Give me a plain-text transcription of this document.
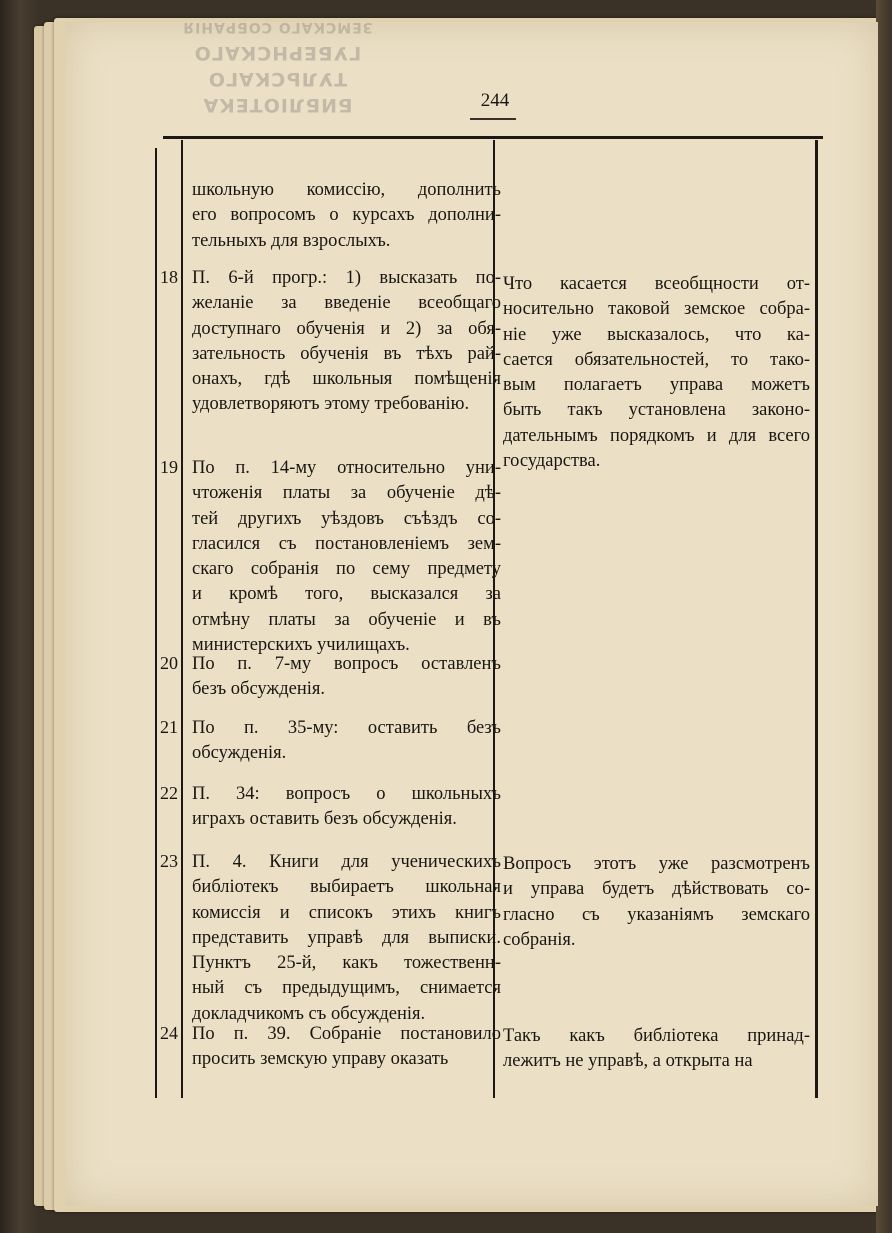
БИБЛІОТЕКА
ТУЛЬСКАГО ГУБЕРНСКАГО
ЗЕМСКАГО СОБРАНІЯ
244
школьную комиссію, дополнить
его вопросомъ о курсахъ дополни-
тельныхъ для взрослыхъ.
18 П. 6-й прогр.: 1) высказать по-
желаніе за введеніе всеобщаго
доступнаго обученія и 2) за обя-
зательность обученія въ тѣхъ рай-
онахъ, гдѣ школьныя помѣщенія
удовлетворяютъ этому требованію.
Что касается всеобщности от-
носительно таковой земское собра-
ніе уже высказалось, что ка-
сается обязательностей, то тако-
вым полагаетъ управа можетъ
быть такъ установлена законо-
дательнымъ порядкомъ и для всего
государства.
19 По п. 14-му относительно уни-
чтоженія платы за обученіе дѣ-
тей другихъ уѣздовъ съѣздъ со-
гласился съ постановленіемъ зем-
скаго собранія по сему предмету
и кромѣ того, высказался за
отмѣну платы за обученіе и въ
министерскихъ училищахъ.
20 По п. 7-му вопросъ оставленъ
безъ обсужденія.
21 По п. 35-му: оставить безъ
обсужденія.
22 П. 34: вопросъ о школьныхъ
играхъ оставить безъ обсужденія.
23 П. 4. Книги для ученическихъ
библіотекъ выбираетъ школьная
комиссія и списокъ этихъ книгъ
представить управѣ для выписки.
Пунктъ 25-й, какъ тожественн-
ный съ предыдущимъ, снимается
докладчикомъ съ обсужденія.
Вопросъ этотъ уже разсмотренъ
и управа будетъ дѣйствовать со-
гласно съ указаніямъ земскаго
собранія.
24 По п. 39. Собраніе постановило
просить земскую управу оказать
Такъ какъ библіотека принад-
лежитъ не управѣ, а открыта на
